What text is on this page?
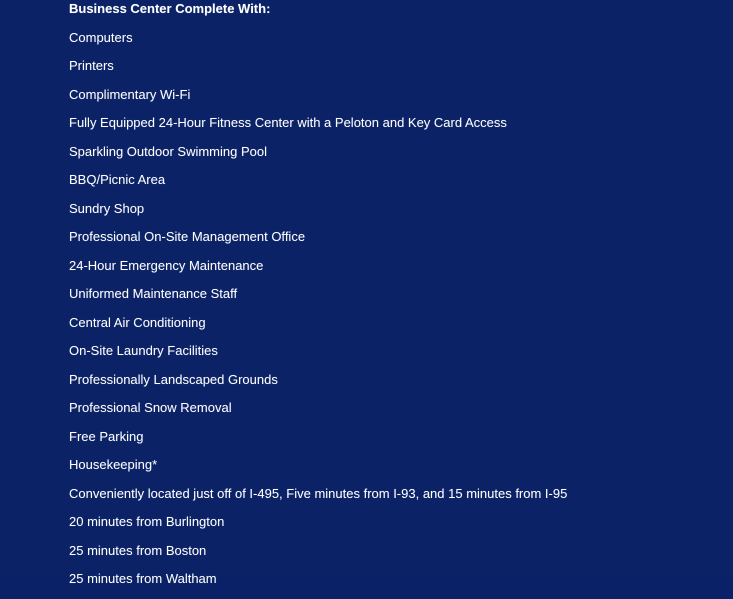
Business Center Complete With:
Computers
Printers
Complimentary Wi-Fi
Fully Equipped 24-Hour Fitness Center with a Peloton and Key Card Access
Sparkling Outdoor Swimming Pool
BBQ/Picnic Area
Sundry Shop
Professional On-Site Management Office
24-Hour Emergency Maintenance
Uniformed Maintenance Staff
Central Air Conditioning
On-Site Laundry Facilities
Professionally Landscaped Grounds
Professional Snow Removal
Free Parking
Housekeeping*
Conveniently located just off of I-495, Five minutes from I-93, and 15 minutes from I-95
20 minutes from Burlington
25 minutes from Boston
25 minutes from Waltham
